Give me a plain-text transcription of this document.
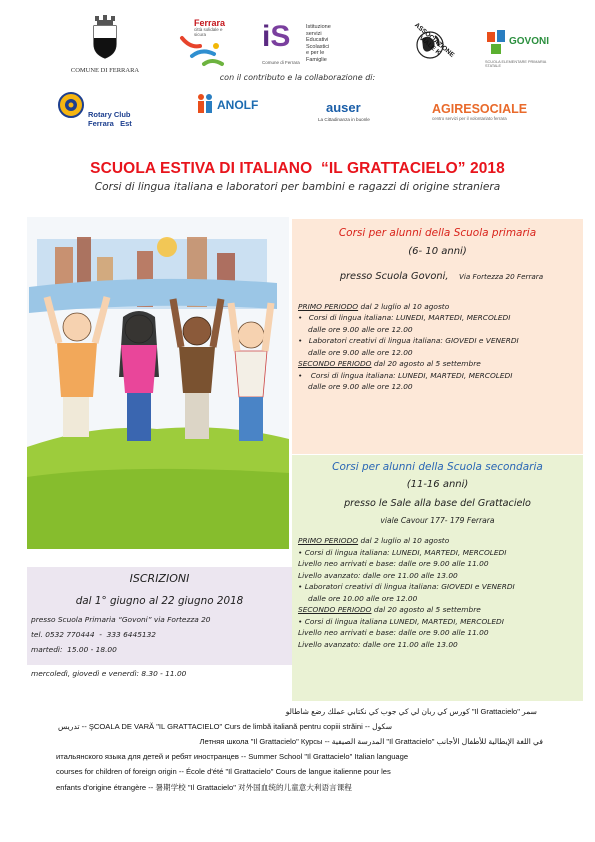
COMUNE DI FERRARA
Ferrara
città solidale e sicura	iS
Comune di Ferrara
Istituzione
servizi
Educativi
Scolastici
e per le Famiglie
ASSOCIAZIONE VIALE K	GOVONI
SCUOLA ELEMENTARE PRIMARIA STATALE
con il contributo e la collaborazione di:
Rotary Club
Ferrara   Est
ANOLF	auser
La Cittadinanza in buonle
AGIRESOCIALE
centro servizi per il volontariato ferrara
SCUOLA ESTIVA DI ITALIANO  “IL GRATTACIELO” 2018
Corsi di lingua italiana e laboratori per bambini e ragazzi di origine straniera
Corsi per alunni della Scuola primaria
(6- 10 anni)
presso Scuola Govoni, Via Fortezza 20 Ferrara
PRIMO PERIODO dal 2 luglio al 10 agosto
• Corsi di lingua italiana: LUNEDI, MARTEDI, MERCOLEDI
dalle ore 9.00 alle ore 12.00
• Laboratori creativi di lingua italiana: GIOVEDI e VENERDI
dalle ore 9.00 alle ore 12.00
SECONDO PERIODO dal 20 agosto al 5 settembre
• Corsi di lingua italiana: LUNEDI, MARTEDI, MERCOLEDI
dalle ore 9.00 alle ore 12.00
Corsi per alunni della Scuola secondaria
(11-16 anni)
presso le Sale alla base del Grattacielo
viale Cavour 177- 179 Ferrara
PRIMO PERIODO dal 2 luglio al 10 agosto
• Corsi di lingua italiana: LUNEDI, MARTEDI, MERCOLEDI
Livello neo arrivati e base: dalle ore 9.00 alle 11.00
Livello avanzato: dalle ore 11.00 alle 13.00
• Laboratori creativi di lingua italiana: GIOVEDI e VENERDI
dalle ore 10.00 alle ore 12.00
SECONDO PERIODO dal 20 agosto al 5 settembre
• Corsi di lingua italiana LUNEDI, MARTEDI, MERCOLEDI
Livello neo arrivati e base: dalle ore 9.00 alle 11.00
Livello avanzato: dalle ore 11.00 alle 13.00
ISCRIZIONI
dal 1° giugno al 22 giugno 2018
presso Scuola Primaria “Govoni” via Fortezza 20
tel. 0532 770444  -  333 6445132
martedì:  15.00 - 18.00
mercoledì, giovedì e venerdì: 8.30 - 11.00
سمر "Il Grattacielo" كورس كي ربان لي كي جوب كي نكتابي عملك رضع شاطالو
تدريس -- ŞCOALA DE VARĂ "IL GRATTACIELO" Curs de limbă italiană pentru copiii străini -- سکول
Летняя школа "Il Grattacielo" Курсы -- المدرسة الصيفية "Il Grattacielo" في اللغة الإيطالية للأطفال الأجانب
итальянского языка для детей и ребят иностранцев -- Summer School "Il Grattacielo" Italian language
courses for children of foreign origin -- École d'été "Il Grattacielo" Cours de langue italienne pour les
enfants d'origine étrangère -- 暑期学校 "Il Grattacielo" 对外国血统的儿童意大利语言课程
